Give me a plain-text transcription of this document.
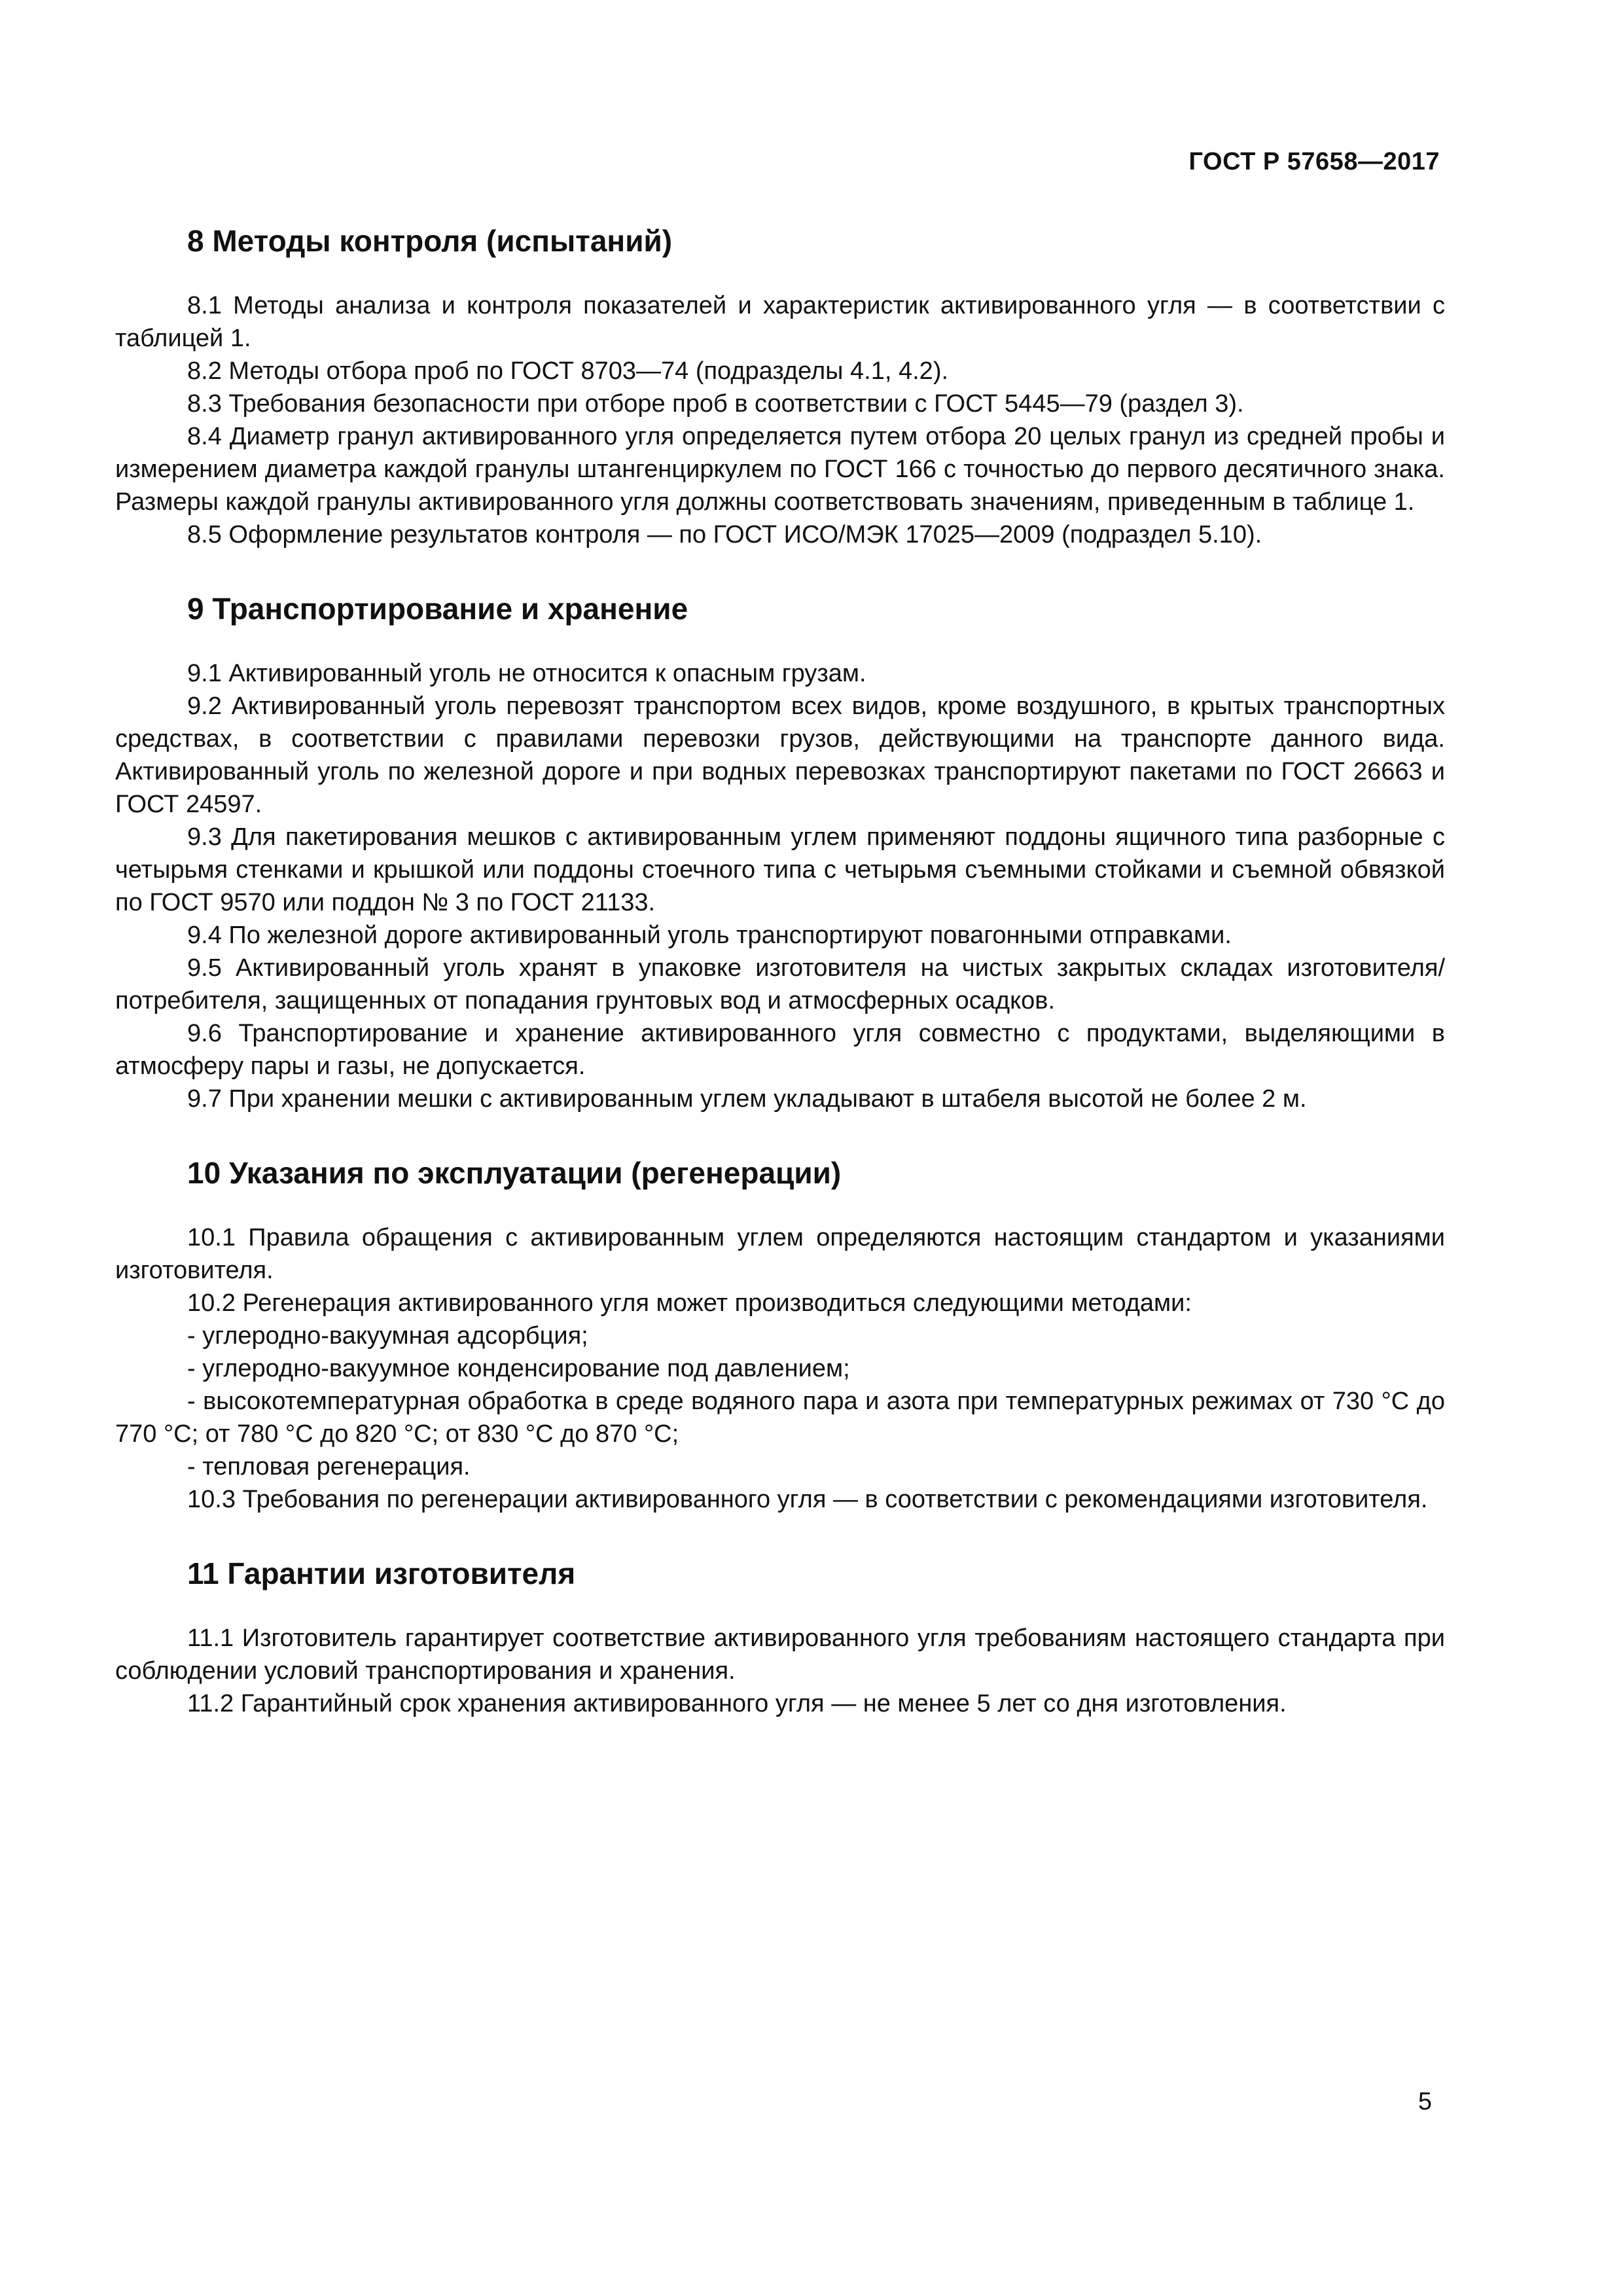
ГОСТ Р 57658—2017
8 Методы контроля (испытаний)

8.1 Методы анализа и контроля показателей и характеристик активированного угля — в соответствии с таблицей 1.

8.2 Методы отбора проб по ГОСТ 8703—74 (подразделы 4.1, 4.2).

8.3 Требования безопасности при отборе проб в соответствии с ГОСТ 5445—79 (раздел 3).

8.4 Диаметр гранул активированного угля определяется путем отбора 20 целых гранул из средней пробы и измерением диаметра каждой гранулы штангенциркулем по ГОСТ 166 с точностью до первого десятичного знака. Размеры каждой гранулы активированного угля должны соответствовать значениям, приведенным в таблице 1.

8.5 Оформление результатов контроля — по ГОСТ ИСО/МЭК 17025—2009 (подраздел 5.10).

9 Транспортирование и хранение

9.1 Активированный уголь не относится к опасным грузам.

9.2 Активированный уголь перевозят транспортом всех видов, кроме воздушного, в крытых транспортных средствах, в соответствии с правилами перевозки грузов, действующими на транспорте данного вида. Активированный уголь по железной дороге и при водных перевозках транспортируют пакетами по ГОСТ 26663 и ГОСТ 24597.

9.3 Для пакетирования мешков с активированным углем применяют поддоны ящичного типа разборные с четырьмя стенками и крышкой или поддоны стоечного типа с четырьмя съемными стойками и съемной обвязкой по ГОСТ 9570 или поддон № 3 по ГОСТ 21133.

9.4 По железной дороге активированный уголь транспортируют повагонными отправками.

9.5 Активированный уголь хранят в упаковке изготовителя на чистых закрытых складах изготовителя/потребителя, защищенных от попадания грунтовых вод и атмосферных осадков.

9.6 Транспортирование и хранение активированного угля совместно с продуктами, выделяющими в атмосферу пары и газы, не допускается.

9.7 При хранении мешки с активированным углем укладывают в штабеля высотой не более 2 м.

10 Указания по эксплуатации (регенерации)

10.1 Правила обращения с активированным углем определяются настоящим стандартом и указаниями изготовителя.

10.2 Регенерация активированного угля может производиться следующими методами:

- углеродно-вакуумная адсорбция;

- углеродно-вакуумное конденсирование под давлением;

- высокотемпературная обработка в среде водяного пара и азота при температурных режимах от 730 °С до 770 °С; от 780 °С до 820 °С; от 830 °С до 870 °С;

- тепловая регенерация.

10.3 Требования по регенерации активированного угля — в соответствии с рекомендациями изготовителя.

11 Гарантии изготовителя

11.1 Изготовитель гарантирует соответствие активированного угля требованиям настоящего стандарта при соблюдении условий транспортирования и хранения.

11.2 Гарантийный срок хранения активированного угля — не менее 5 лет со дня изготовления.

5
